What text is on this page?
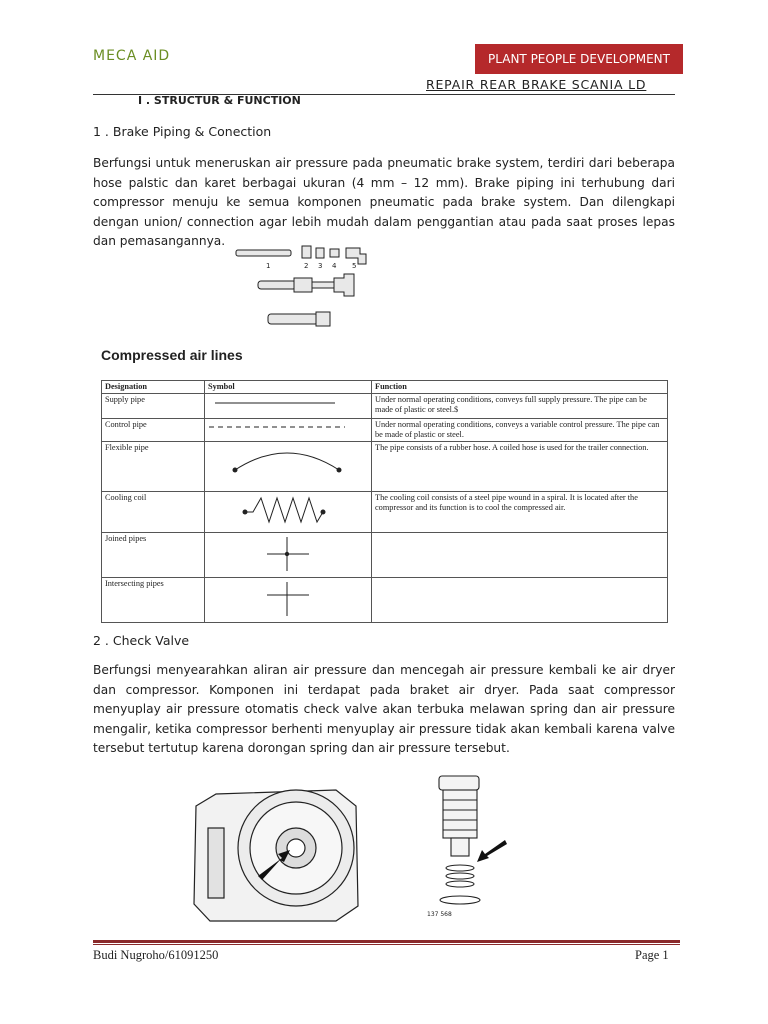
MECA AID	PLANT PEOPLE DEVELOPMENT
REPAIR REAR BRAKE SCANIA LD
I . STRUCTUR & FUNCTION
1 . Brake Piping & Conection
Berfungsi untuk meneruskan air pressure pada pneumatic brake system, terdiri dari beberapa hose palstic dan karet berbagai ukuran (4 mm – 12 mm). Brake piping ini terhubung dari compressor menuju ke semua komponen pneumatic pada brake system. Dan dilengkapi dengan union/ connection agar lebih mudah dalam penggantian atau pada saat proses lepas dan pemasangannya.
1	2 3 4 5
Compressed air lines
Designation	Symbol	Function
Supply pipe		Under normal operating conditions, conveys full supply pressure. The pipe can be made of plastic or steel.$
Control pipe		Under normal operating conditions, conveys a variable control pressure. The pipe can be made of plastic or steel.
Flexible pipe		The pipe consists of a rubber hose. A coiled hose is used for the trailer connection.
Cooling coil		The cooling coil consists of a steel pipe wound in a spiral. It is located after the compressor and its function is to cool the compressed air.
Joined pipes		
Intersecting pipes		
2 . Check Valve
Berfungsi menyearahkan aliran air pressure dan mencegah air pressure kembali ke air dryer dan compressor. Komponen ini terdapat pada braket air dryer. Pada saat compressor menyuplay air pressure otomatis check valve akan terbuka melawan spring dan air pressure mengalir, ketika compressor berhenti menyuplay air pressure tidak akan kembali karena valve tersebut tertutup karena dorongan spring dan air pressure tersebut.
137 568
Budi Nugroho/61091250	Page 1
